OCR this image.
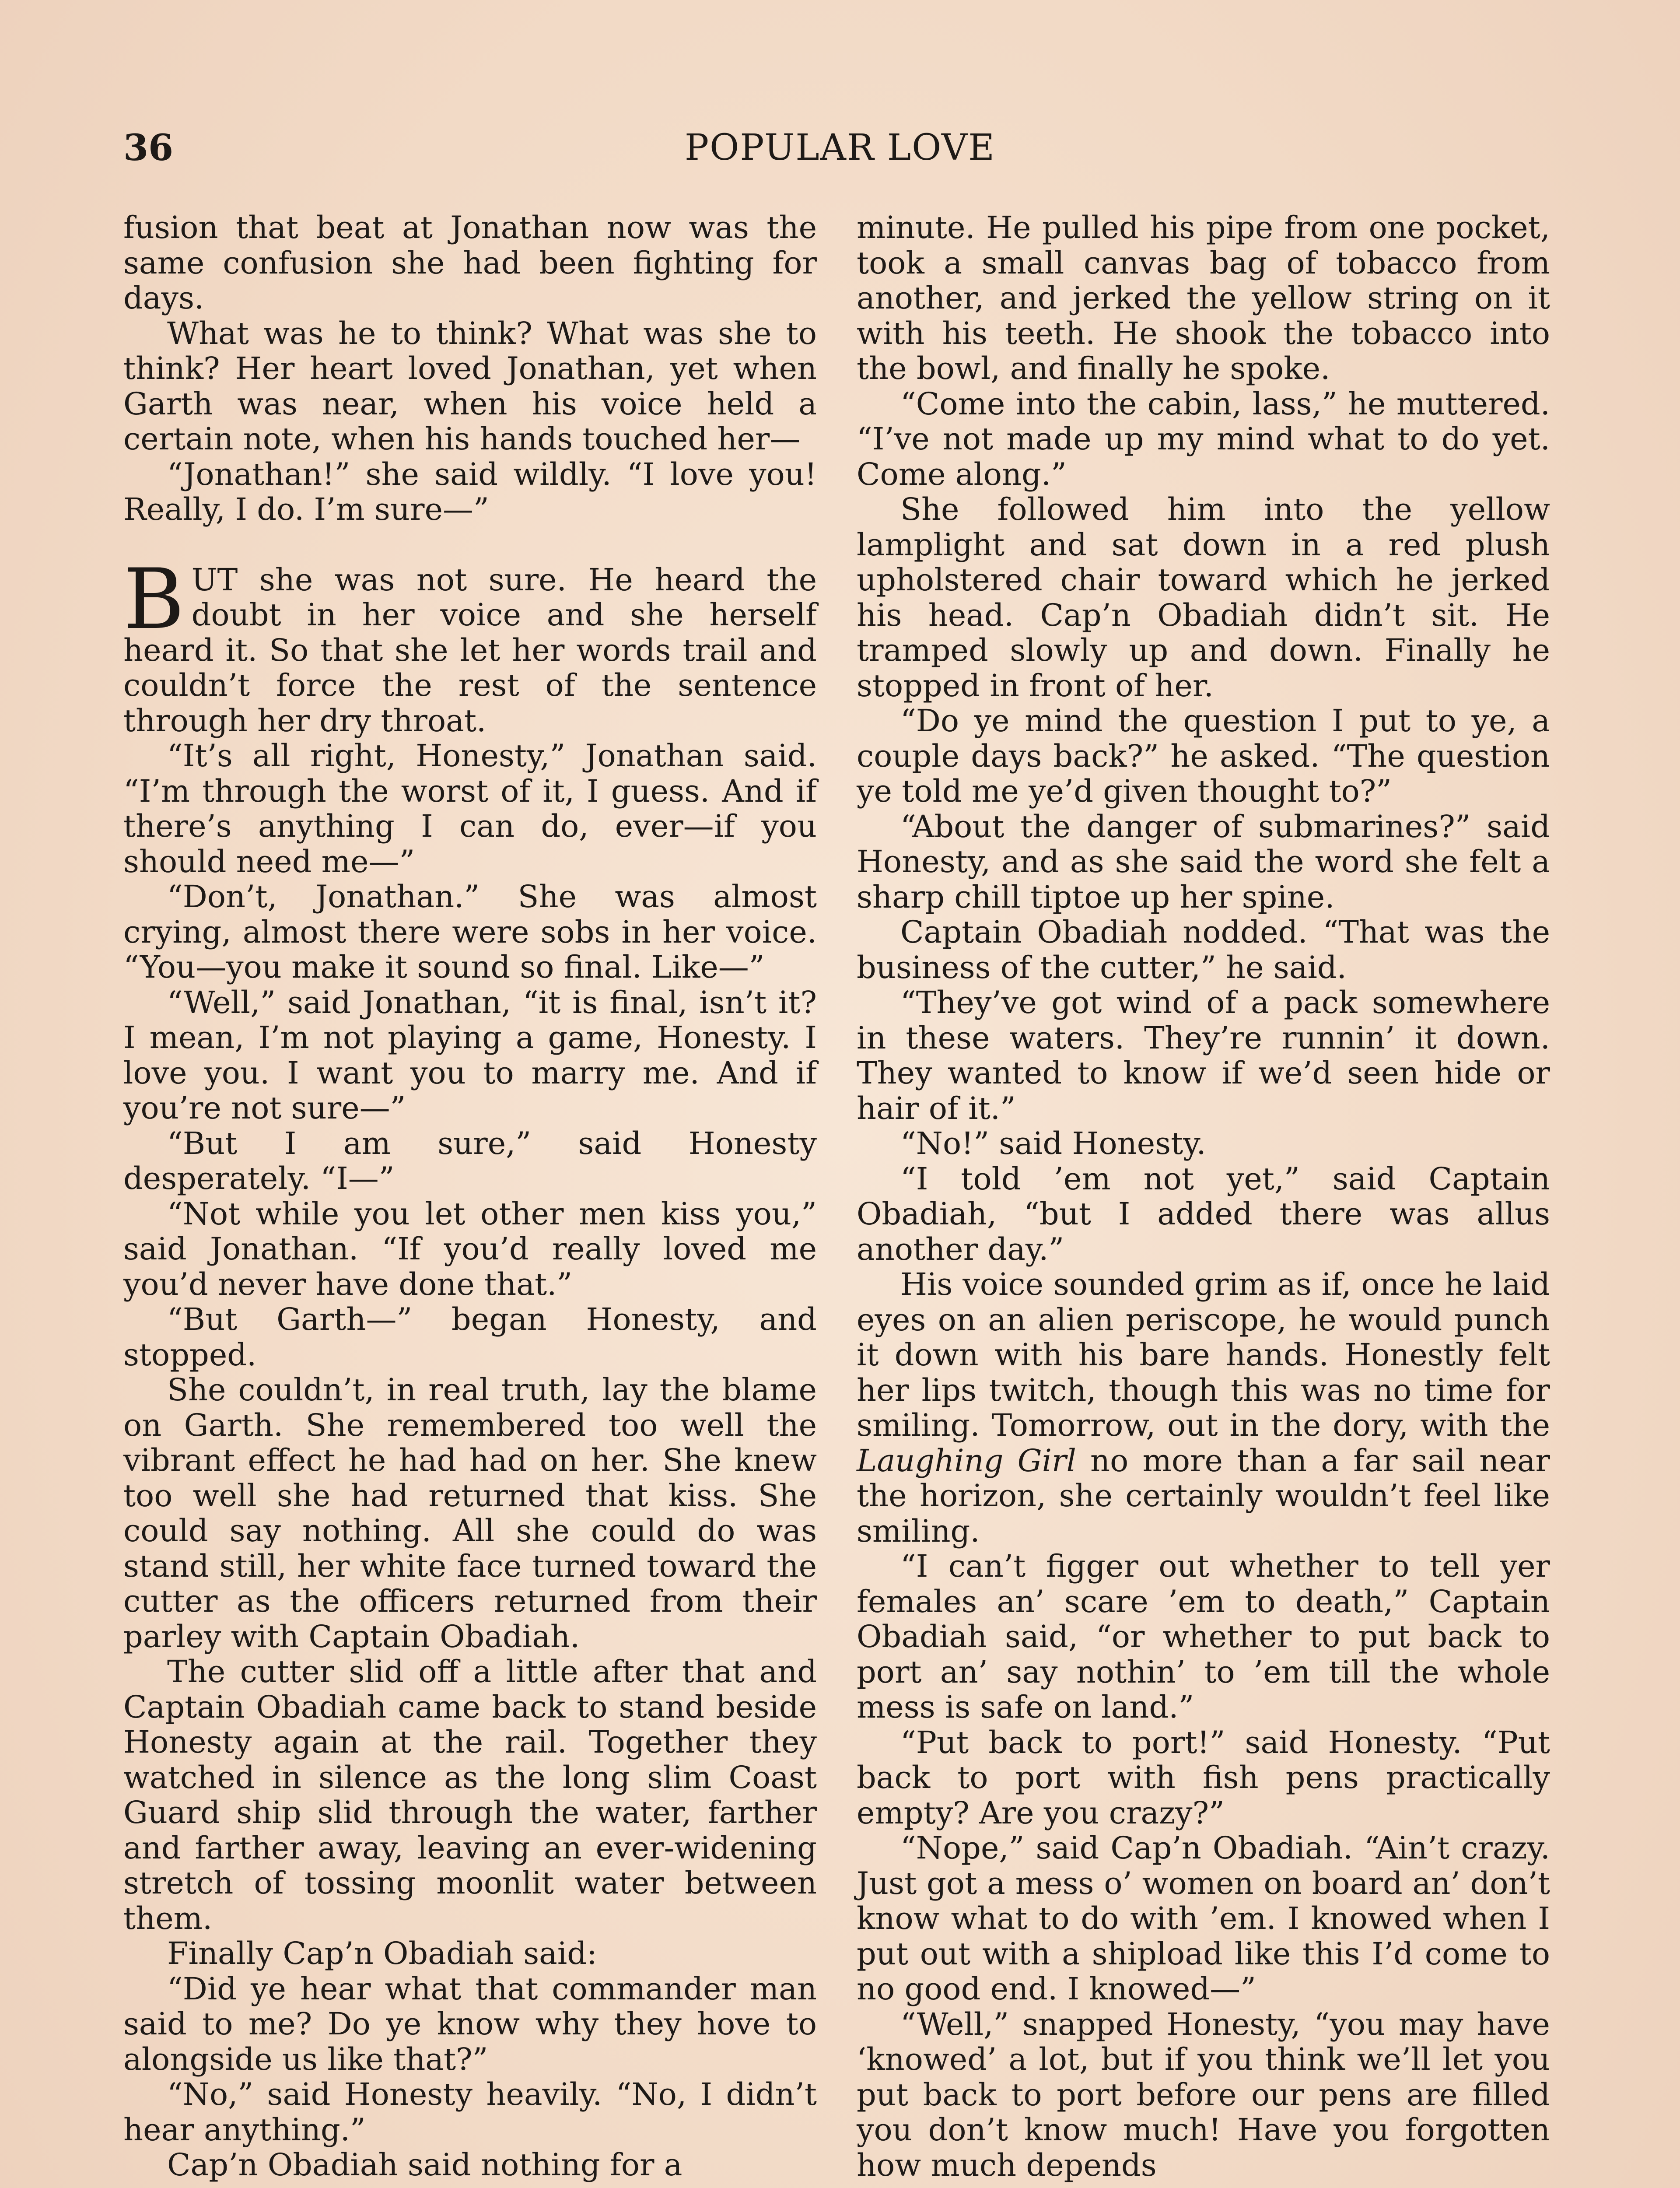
36	POPULAR LOVE

fusion that beat at Jonathan now was the same confusion she had been fighting for days.

What was he to think? What was she to think? Her heart loved Jonathan, yet when Garth was near, when his voice held a certain note, when his hands touched her—

“Jonathan!” she said wildly. “I love you! Really, I do. I’m sure—”

BUT she was not sure. He heard the doubt in her voice and she herself heard it. So that she let her words trail and couldn’t force the rest of the sentence through her dry throat.

“It’s all right, Honesty,” Jonathan said. “I’m through the worst of it, I guess. And if there’s anything I can do, ever—if you should need me—”

“Don’t, Jonathan.” She was almost crying, almost there were sobs in her voice. “You—you make it sound so final. Like—”

“Well,” said Jonathan, “it is final, isn’t it? I mean, I’m not playing a game, Honesty. I love you. I want you to marry me. And if you’re not sure—”

“But I am sure,” said Honesty desperately. “I—”

“Not while you let other men kiss you,” said Jonathan. “If you’d really loved me you’d never have done that.”

“But Garth—” began Honesty, and stopped.

She couldn’t, in real truth, lay the blame on Garth. She remembered too well the vibrant effect he had had on her. She knew too well she had returned that kiss. She could say nothing. All she could do was stand still, her white face turned toward the cutter as the officers returned from their parley with Captain Obadiah.

The cutter slid off a little after that and Captain Obadiah came back to stand beside Honesty again at the rail. Together they watched in silence as the long slim Coast Guard ship slid through the water, farther and farther away, leaving an ever-widening stretch of tossing moonlit water between them.

Finally Cap’n Obadiah said:

“Did ye hear what that commander man said to me? Do ye know why they hove to alongside us like that?”

“No,” said Honesty heavily. “No, I didn’t hear anything.”

Cap’n Obadiah said nothing for a

minute. He pulled his pipe from one pocket, took a small canvas bag of tobacco from another, and jerked the yellow string on it with his teeth. He shook the tobacco into the bowl, and finally he spoke.

“Come into the cabin, lass,” he muttered. “I’ve not made up my mind what to do yet. Come along.”

She followed him into the yellow lamplight and sat down in a red plush upholstered chair toward which he jerked his head. Cap’n Obadiah didn’t sit. He tramped slowly up and down. Finally he stopped in front of her.

“Do ye mind the question I put to ye, a couple days back?” he asked. “The question ye told me ye’d given thought to?”

“About the danger of submarines?” said Honesty, and as she said the word she felt a sharp chill tiptoe up her spine.

Captain Obadiah nodded. “That was the business of the cutter,” he said.

“They’ve got wind of a pack somewhere in these waters. They’re runnin’ it down. They wanted to know if we’d seen hide or hair of it.”

“No!” said Honesty.

“I told ’em not yet,” said Captain Obadiah, “but I added there was allus another day.”

His voice sounded grim as if, once he laid eyes on an alien periscope, he would punch it down with his bare hands. Honestly felt her lips twitch, though this was no time for smiling. Tomorrow, out in the dory, with the Laughing Girl no more than a far sail near the horizon, she certainly wouldn’t feel like smiling.

“I can’t figger out whether to tell yer females an’ scare ’em to death,” Captain Obadiah said, “or whether to put back to port an’ say nothin’ to ’em till the whole mess is safe on land.”

“Put back to port!” said Honesty. “Put back to port with fish pens practically empty? Are you crazy?”

“Nope,” said Cap’n Obadiah. “Ain’t crazy. Just got a mess o’ women on board an’ don’t know what to do with ’em. I knowed when I put out with a shipload like this I’d come to no good end. I knowed—”

“Well,” snapped Honesty, “you may have ‘knowed’ a lot, but if you think we’ll let you put back to port before our pens are filled you don’t know much! Have you forgotten how much depends
